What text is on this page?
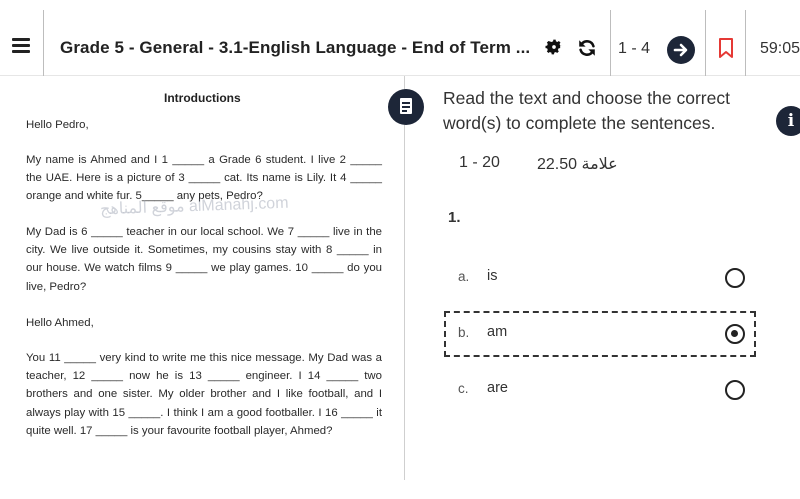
Grade 5 - General - 3.1-English Language - End of Term ...	1 - 4	59:05
Introductions
Hello Pedro,
My name is Ahmed and I 1 _____ a Grade 6 student. I live 2 _____ the UAE. Here is a picture of 3 _____ cat. Its name is Lily. It 4 _____ orange and white fur. 5_____ any pets, Pedro?
My Dad is 6 _____ teacher in our local school. We 7 _____ live in the city. We live outside it. Sometimes, my cousins stay with 8 _____ in our house. We watch films 9 _____ we play games. 10 _____ do you live, Pedro?
Hello Ahmed,
You 11 _____ very kind to write me this nice message. My Dad was a teacher, 12 _____ now he is 13 _____ engineer. I 14 _____ two brothers and one sister. My older brother and I like football, and I always play with 15 _____. I think I am a good footballer. I 16 _____ it quite well. 17 _____ is your favourite football player, Ahmed?
موقع المناهج alManahj.com
i
Read the text and choose the correct word(s) to complete the sentences.
1 - 20 22.50 علامة
1.
a. is
b. am
c. are
